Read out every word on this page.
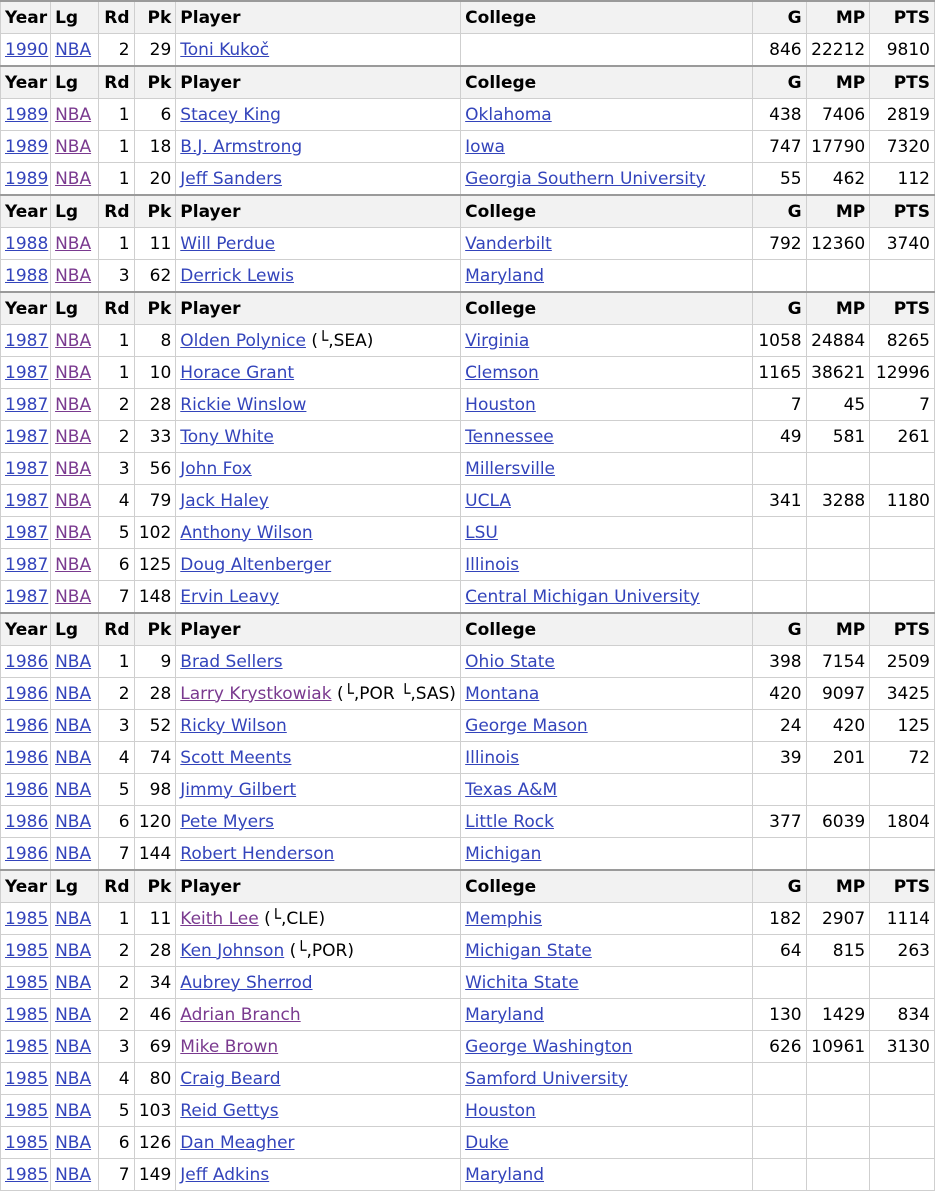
Year	Lg	Rd	Pk	Player	College	G	MP	PTS
1990	NBA	2	29	Toni Kukoč		846	22212	9810
Year	Lg	Rd	Pk	Player	College	G	MP	PTS
1989	NBA	1	6	Stacey King	Oklahoma	438	7406	2819
1989	NBA	1	18	B.J. Armstrong	Iowa	747	17790	7320
1989	NBA	1	20	Jeff Sanders	Georgia Southern University	55	462	112
Year	Lg	Rd	Pk	Player	College	G	MP	PTS
1988	NBA	1	11	Will Perdue	Vanderbilt	792	12360	3740
1988	NBA	3	62	Derrick Lewis	Maryland			
Year	Lg	Rd	Pk	Player	College	G	MP	PTS
1987	NBA	1	8	Olden Polynice (└,SEA)	Virginia	1058	24884	8265
1987	NBA	1	10	Horace Grant	Clemson	1165	38621	12996
1987	NBA	2	28	Rickie Winslow	Houston	7	45	7
1987	NBA	2	33	Tony White	Tennessee	49	581	261
1987	NBA	3	56	John Fox	Millersville			
1987	NBA	4	79	Jack Haley	UCLA	341	3288	1180
1987	NBA	5	102	Anthony Wilson	LSU			
1987	NBA	6	125	Doug Altenberger	Illinois			
1987	NBA	7	148	Ervin Leavy	Central Michigan University			
Year	Lg	Rd	Pk	Player	College	G	MP	PTS
1986	NBA	1	9	Brad Sellers	Ohio State	398	7154	2509
1986	NBA	2	28	Larry Krystkowiak (└,POR └,SAS)	Montana	420	9097	3425
1986	NBA	3	52	Ricky Wilson	George Mason	24	420	125
1986	NBA	4	74	Scott Meents	Illinois	39	201	72
1986	NBA	5	98	Jimmy Gilbert	Texas A&M			
1986	NBA	6	120	Pete Myers	Little Rock	377	6039	1804
1986	NBA	7	144	Robert Henderson	Michigan			
Year	Lg	Rd	Pk	Player	College	G	MP	PTS
1985	NBA	1	11	Keith Lee (└,CLE)	Memphis	182	2907	1114
1985	NBA	2	28	Ken Johnson (└,POR)	Michigan State	64	815	263
1985	NBA	2	34	Aubrey Sherrod	Wichita State			
1985	NBA	2	46	Adrian Branch	Maryland	130	1429	834
1985	NBA	3	69	Mike Brown	George Washington	626	10961	3130
1985	NBA	4	80	Craig Beard	Samford University			
1985	NBA	5	103	Reid Gettys	Houston			
1985	NBA	6	126	Dan Meagher	Duke			
1985	NBA	7	149	Jeff Adkins	Maryland			
